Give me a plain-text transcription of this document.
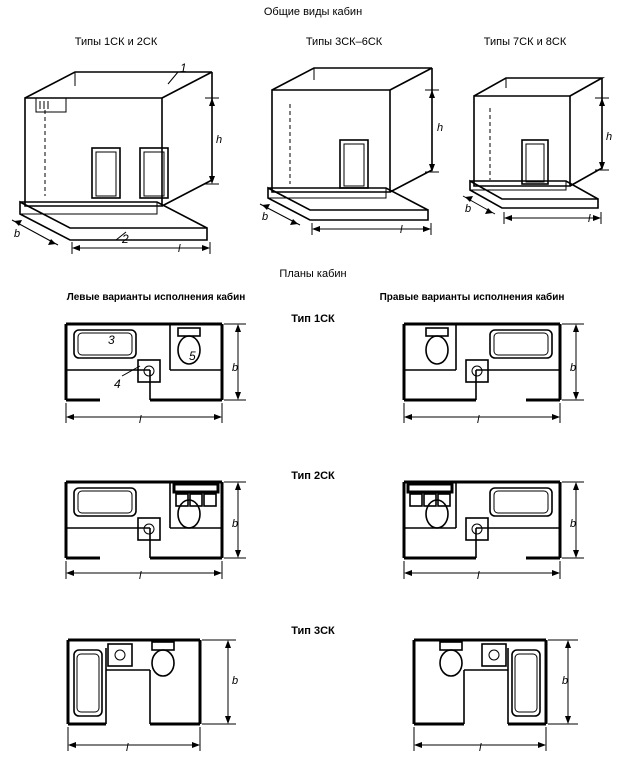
Общие виды кабин
Типы 1СК и 2СК	Типы 3СК–6СК	Типы 7СК и 8СК
Планы кабин
Левые варианты исполнения кабин	Правые варианты исполнения кабин
Тип 1СК
Тип 2СК
Тип 3СК
1
2
3
4
5
h
b
l
h
b
l
h
b
l
b
l
b
l
b
l
b
l
b
l
b
l
